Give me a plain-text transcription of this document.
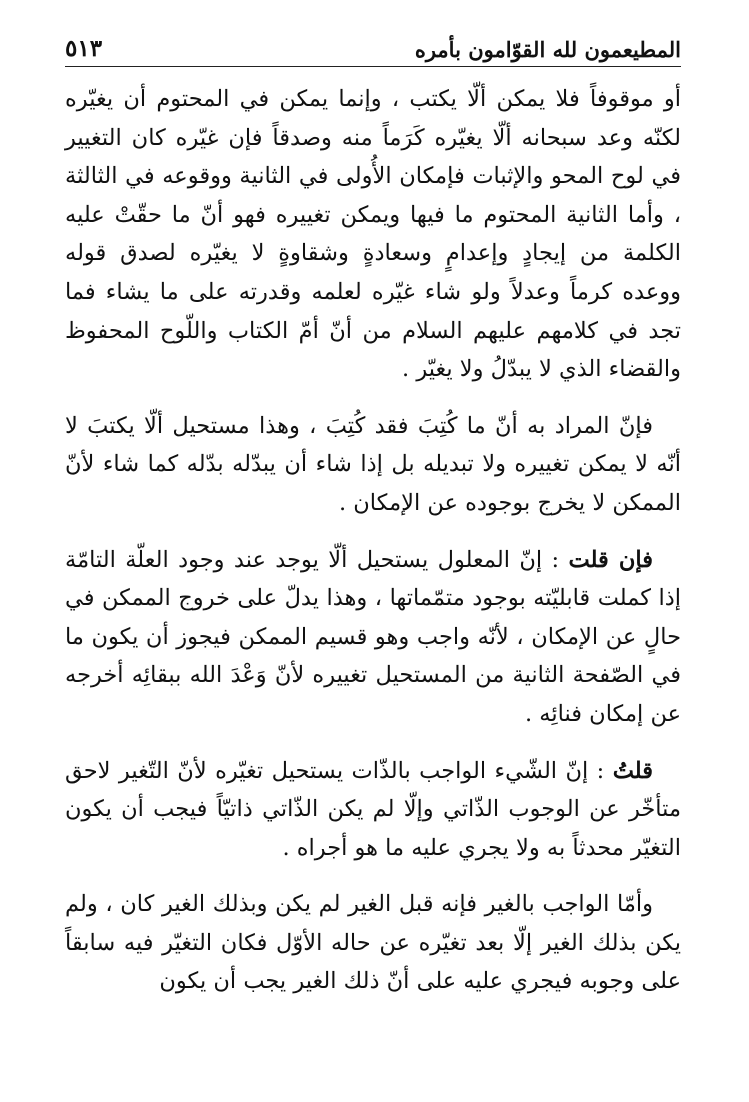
المطيعمون لله القوّامون بأمره
٥١٣

أو موقوفاً فلا يمكن ألّا يكتب ، وإنما يمكن في المحتوم أن يغيّره لكنّه وعد سبحانه ألّا يغيّره كَرَماً منه وصدقاً فإن غيّره كان التغيير في لوح المحو والإثبات فإمكان الأُولى في الثانية ووقوعه في الثالثة ، وأما الثانية المحتوم ما فيها ويمكن تغييره فهو أنّ ما حقّتْ عليه الكلمة من إيجادٍ وإعدامٍ وسعادةٍ وشقاوةٍ لا يغيّره لصدق قوله ووعده كرماً وعدلاً ولو شاء غيّره لعلمه وقدرته على ما يشاء فما تجد في كلامهم عليهم السلام من أنّ أمّ الكتاب واللّوح المحفوظ والقضاء الذي لا يبدّلُ ولا يغيّر .

فإنّ المراد به أنّ ما كُتِبَ فقد كُتِبَ ، وهذا مستحيل ألّا يكتبَ لا أنّه لا يمكن تغييره ولا تبديله بل إذا شاء أن يبدّله بدّله كما شاء لأنّ الممكن لا يخرج بوجوده عن الإمكان .

فإن قلت : إنّ المعلول يستحيل ألّا يوجد عند وجود العلّة التامّة إذا كملت قابليّته بوجود متمّماتها ، وهذا يدلّ على خروج الممكن في حالٍ عن الإمكان ، لأنّه واجب وهو قسيم الممكن فيجوز أن يكون ما في الصّفحة الثانية من المستحيل تغييره لأنّ وَعْدَ الله ببقائِه أخرجه عن إمكان فنائِه .

قلتُ : إنّ الشّيء الواجب بالذّات يستحيل تغيّره لأنّ التّغير لاحق متأخّر عن الوجوب الذّاتي وإلّا لم يكن الذّاتي ذاتيّاً فيجب أن يكون التغيّر محدثاً به ولا يجري عليه ما هو أجراه .

وأمّا الواجب بالغير فإنه قبل الغير لم يكن وبذلك الغير كان ، ولم يكن بذلك الغير إلّا بعد تغيّره عن حاله الأوّل فكان التغيّر فيه سابقاً على وجوبه فيجري عليه على أنّ ذلك الغير يجب أن يكون
